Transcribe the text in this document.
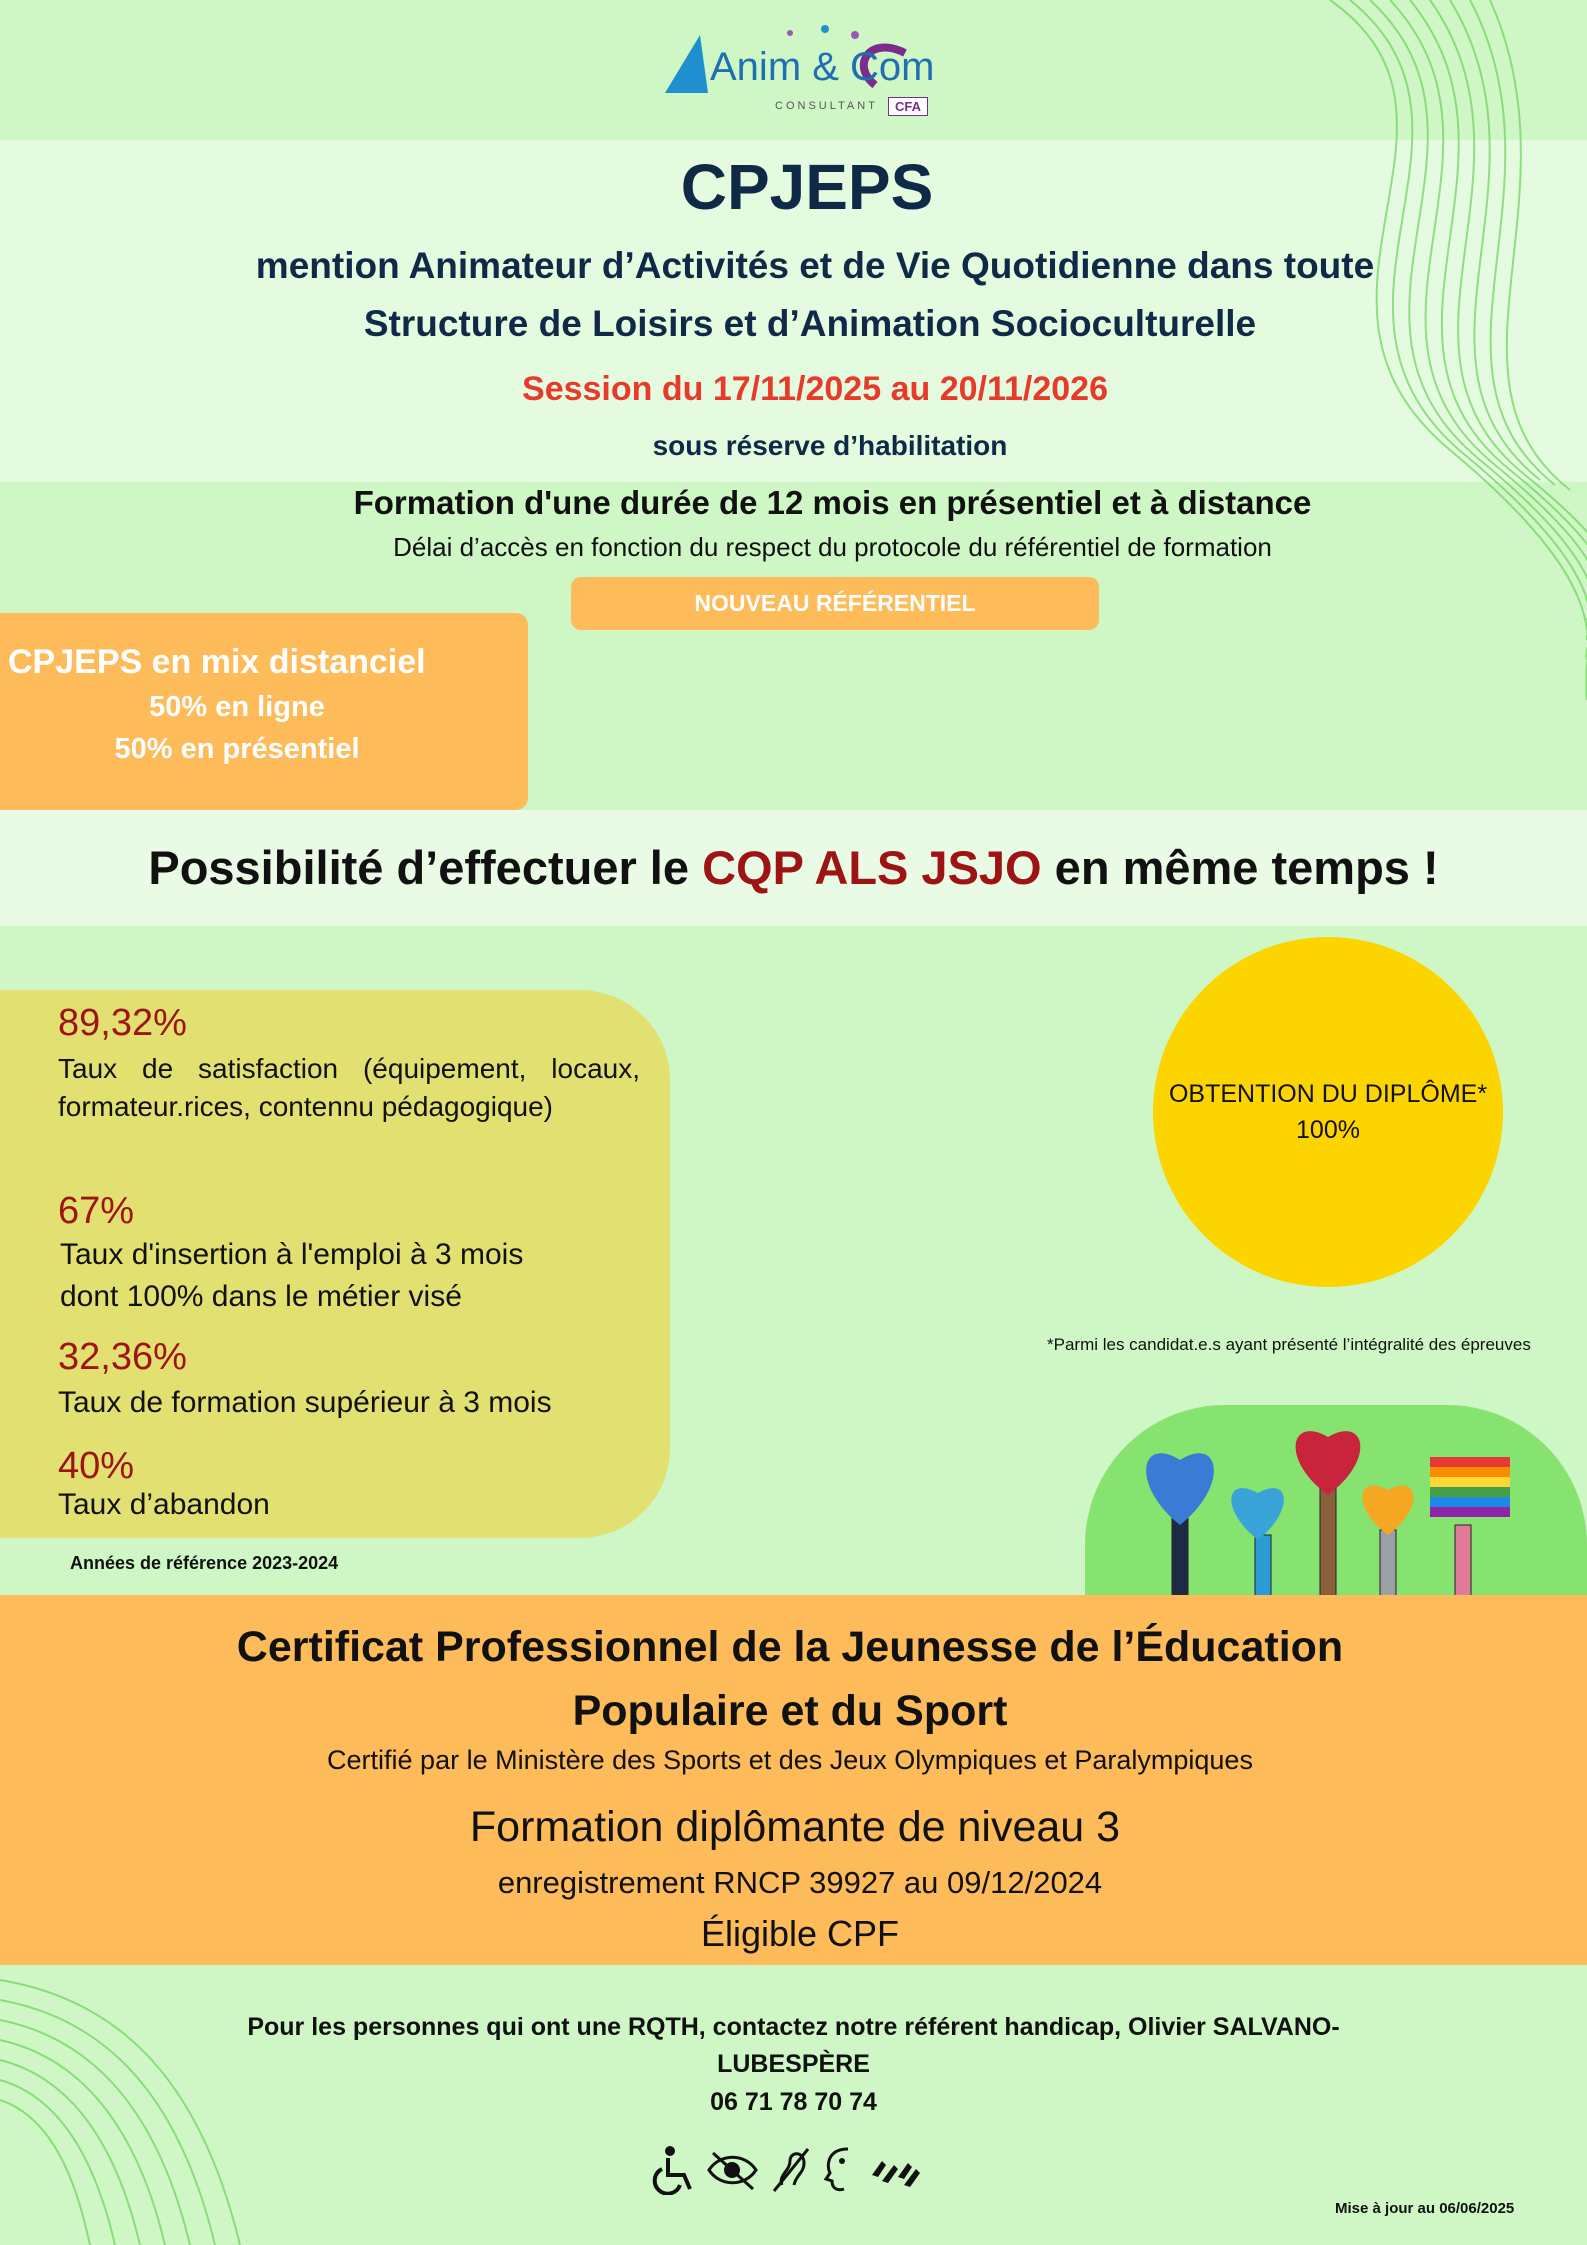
Anim & Com
CONSULTANT	CFA
CPJEPS
mention Animateur d’Activités et de Vie Quotidienne dans toute
Structure de Loisirs et d’Animation Socioculturelle
Session du 17/11/2025 au 20/11/2026
sous réserve d’habilitation
Formation d'une durée de 12 mois en présentiel et à distance
Délai d’accès en fonction du respect du protocole du référentiel de formation
NOUVEAU RÉFÉRENTIEL
CPJEPS en mix distanciel
50% en ligne
50% en présentiel
Possibilité d’effectuer le CQP ALS JSJO en même temps !
89,32%
Taux de satisfaction (équipement, locaux, formateur.rices, contennu pédagogique)
67%
Taux d'insertion à l'emploi à 3 mois
dont 100% dans le métier visé
32,36%
Taux de formation supérieur à 3 mois
40%
Taux d’abandon
Années de référence 2023-2024
OBTENTION DU DIPLÔME*
100%
*Parmi les candidat.e.s ayant présenté l’intégralité des épreuves
Certificat Professionnel de la Jeunesse de l’Éducation
Populaire et du Sport
Certifié par le Ministère des Sports et des Jeux Olympiques et Paralympiques
Formation diplômante de niveau 3
enregistrement RNCP 39927 au 09/12/2024
Éligible CPF
Pour les personnes qui ont une RQTH, contactez notre référent handicap, Olivier SALVANO-
LUBESPÈRE
06 71 78 70 74
Mise à jour au 06/06/2025
